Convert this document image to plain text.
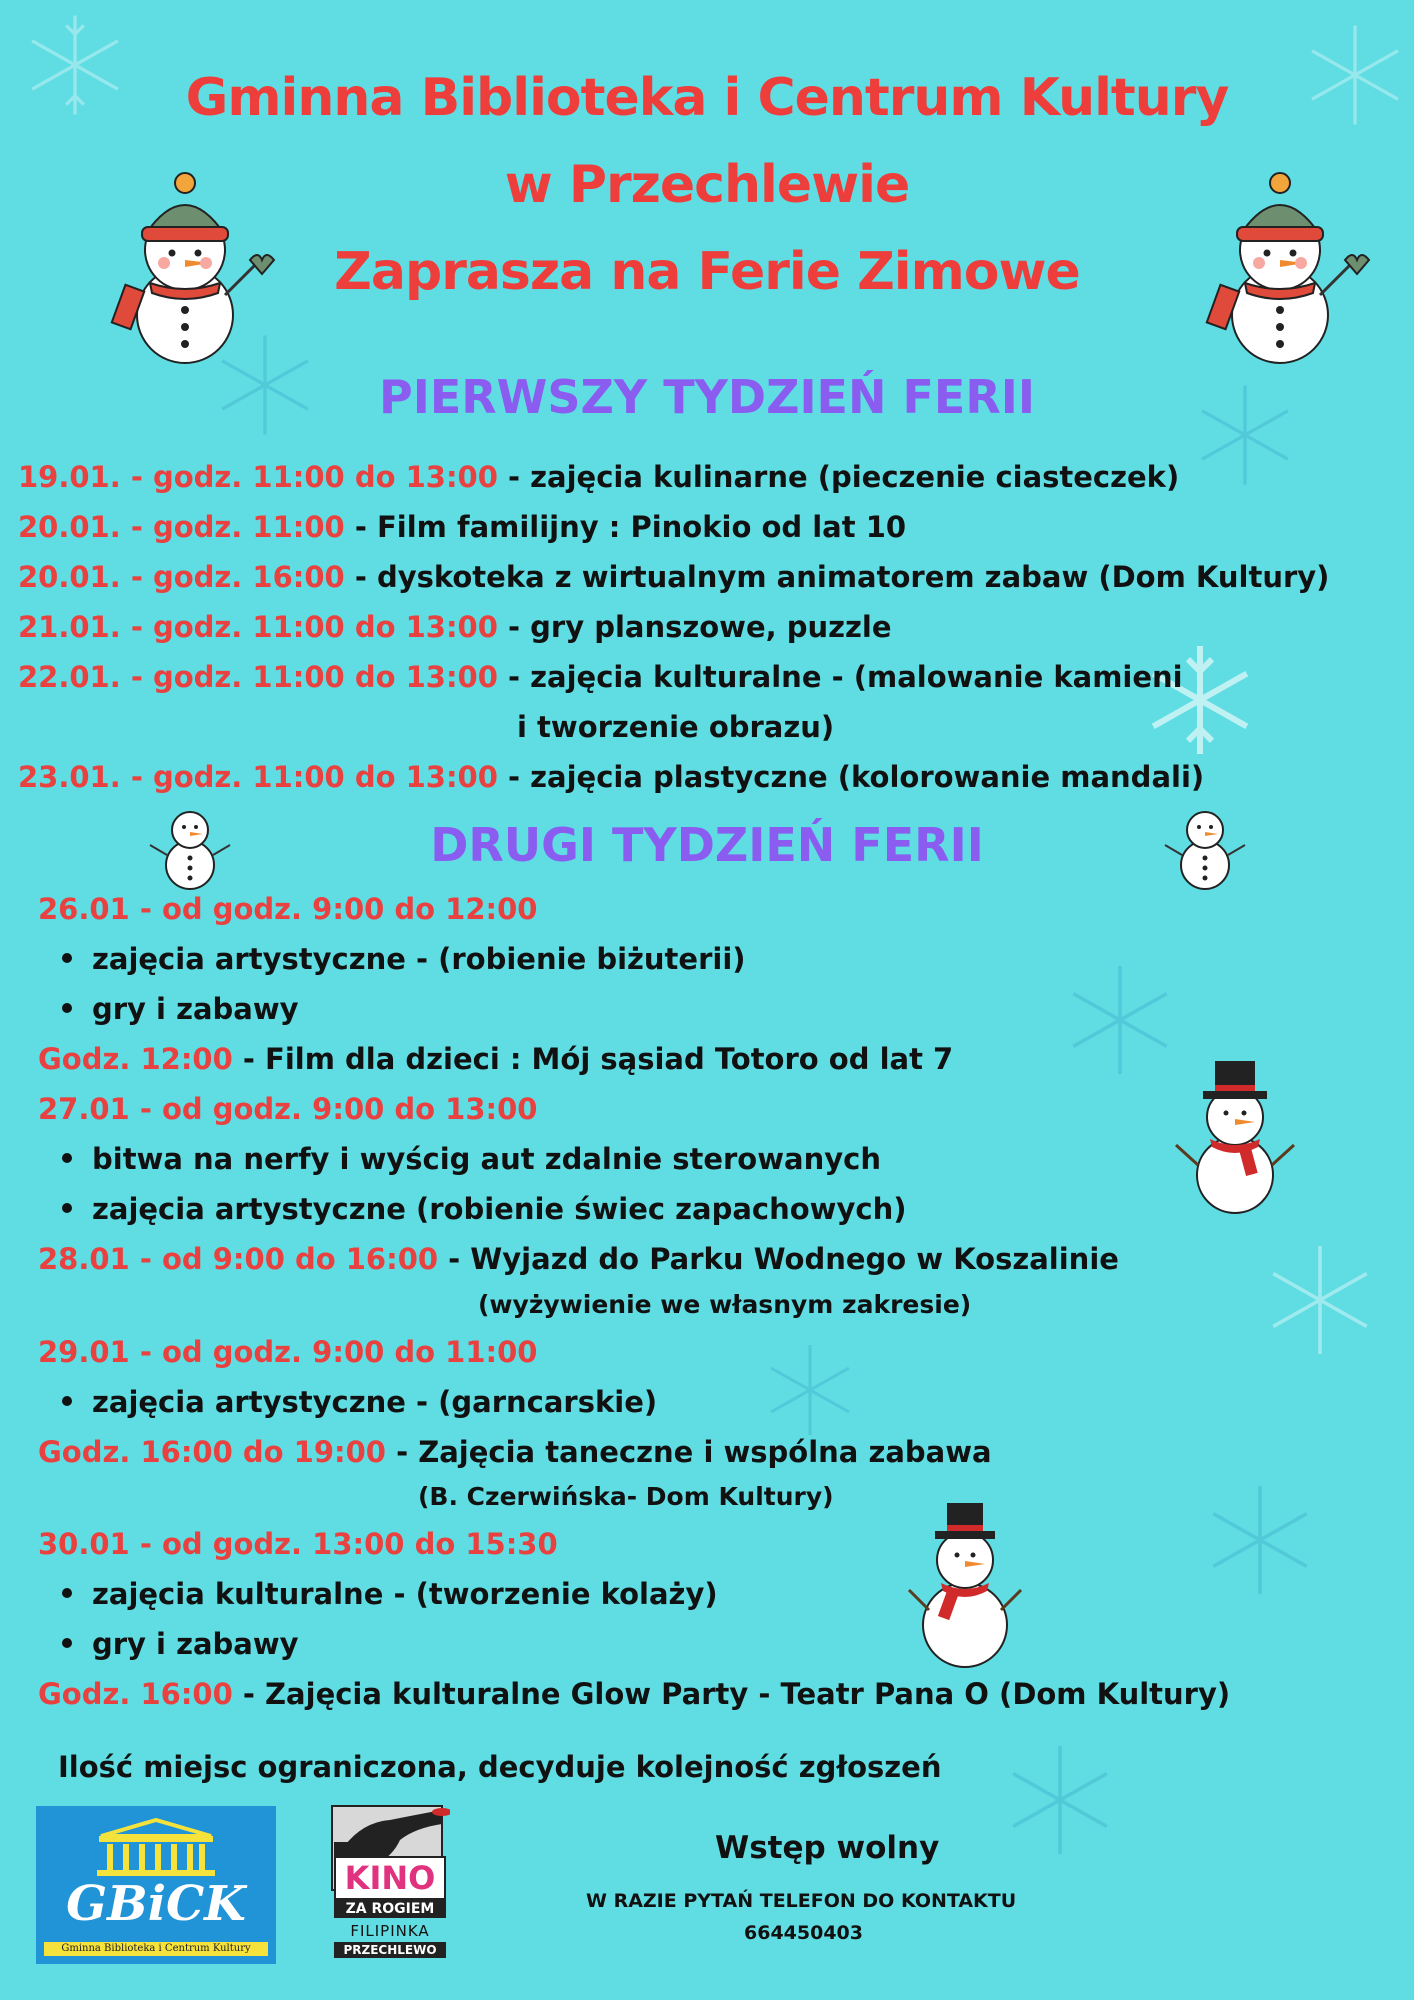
Gminna Biblioteka i Centrum Kultury
w Przechlewie
Zaprasza na Ferie Zimowe
PIERWSZY TYDZIEŃ FERII
19.01. - godz. 11:00 do 13:00 - zajęcia kulinarne (pieczenie ciasteczek)
20.01. - godz. 11:00 - Film familijny : Pinokio od lat 10
20.01. - godz. 16:00 - dyskoteka z wirtualnym animatorem zabaw (Dom Kultury)
21.01. - godz. 11:00 do 13:00 - gry planszowe, puzzle
22.01. - godz. 11:00 do 13:00 - zajęcia kulturalne - (malowanie kamieni
i tworzenie obrazu)
23.01. - godz. 11:00 do 13:00 - zajęcia plastyczne (kolorowanie mandali)
DRUGI TYDZIEŃ FERII
26.01 - od godz. 9:00 do 12:00
zajęcia artystyczne - (robienie biżuterii)
gry i zabawy
Godz. 12:00 - Film dla dzieci : Mój sąsiad Totoro od lat 7
27.01 - od godz. 9:00 do 13:00
bitwa na nerfy i wyścig aut zdalnie sterowanych
zajęcia artystyczne (robienie świec zapachowych)
28.01 - od 9:00 do 16:00 - Wyjazd do Parku Wodnego w Koszalinie
(wyżywienie we własnym zakresie)
29.01 - od godz. 9:00 do 11:00
zajęcia artystyczne - (garncarskie)
Godz. 16:00 do 19:00 - Zajęcia taneczne i wspólna zabawa
(B. Czerwińska- Dom Kultury)
30.01 - od godz. 13:00 do 15:30
zajęcia kulturalne - (tworzenie kolaży)
gry i zabawy
Godz. 16:00 - Zajęcia kulturalne Glow Party - Teatr Pana O (Dom Kultury)
Ilość miejsc ograniczona, decyduje kolejność zgłoszeń
GBiCK
Gminna Biblioteka i Centrum Kultury
KINO
ZA ROGIEM
FILIPINKA
PRZECHLEWO
Wstęp wolny
W RAZIE PYTAŃ TELEFON DO KONTAKTU
664450403
